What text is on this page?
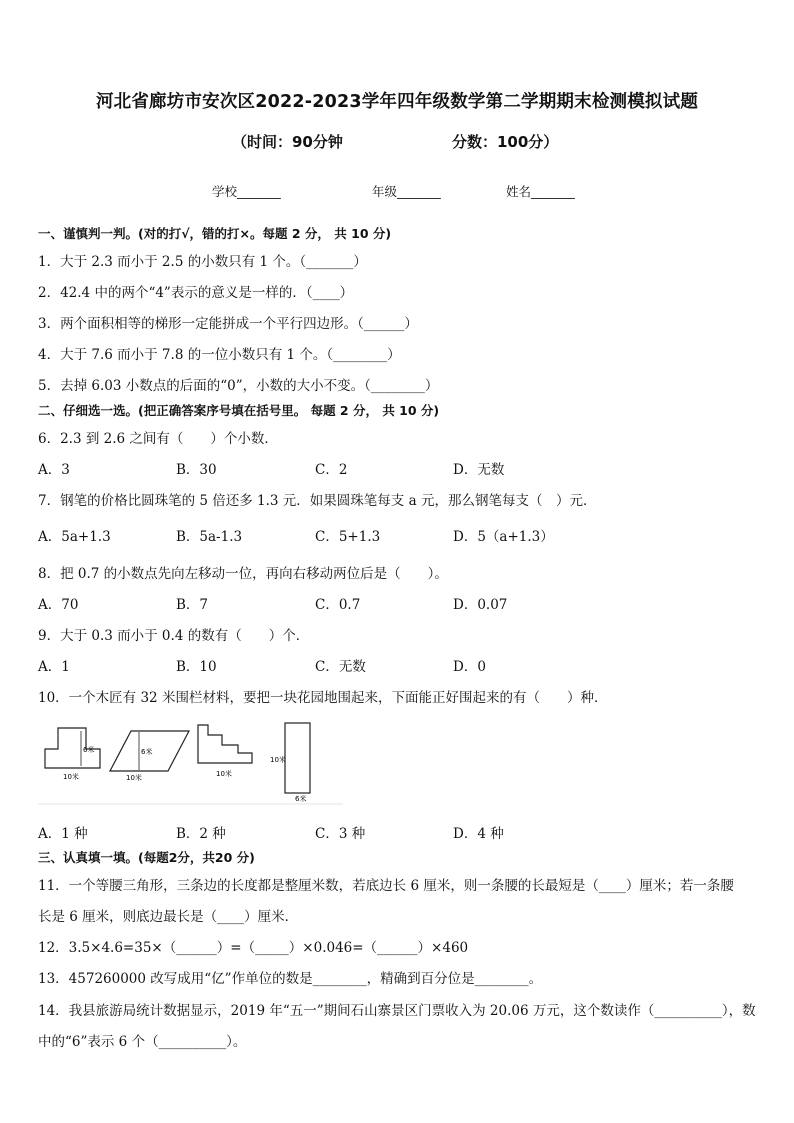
河北省廊坊市安次区2022-2023学年四年级数学第二学期期末检测模拟试题
（时间：90分钟	分数：100分）
学校_______	年级_______	姓名_______
一、谨慎判一判。(对的打√，错的打×。每题 2 分， 共 10 分)
1．大于 2.3 而小于 2.5 的小数只有 1 个。（_______）
2．42.4 中的两个“4”表示的意义是一样的．（____）
3．两个面积相等的梯形一定能拼成一个平行四边形。（______）
4．大于 7.6 而小于 7.8 的一位小数只有 1 个。（________）
5．去掉 6.03 小数点的后面的“0”，小数的大小不变。（________）
二、仔细选一选。(把正确答案序号填在括号里。 每题 2 分， 共 10 分)
6．2.3 到 2.6 之间有（　　）个小数．
A．3	B．30	C．2	D．无数
7．钢笔的价格比圆珠笔的 5 倍还多 1.3 元．如果圆珠笔每支 a 元，那么钢笔每支（　）元．
A．5a+1.3	B．5a-1.3	C．5+1.3	D．5（a+1.3）
8．把 0.7 的小数点先向左移动一位，再向右移动两位后是（　　）。
A．70	B．7	C．0.7	D．0.07
9．大于 0.3 而小于 0.4 的数有（　　）个．
A．1	B．10	C．无数	D．0
10．一个木匠有 32 米围栏材料，要把一块花园地围起来，下面能正好围起来的有（　　）种．
6米
10米
6米
10米	10米
10米
6米
A．1 种	B．2 种	C．3 种	D．4 种
三、认真填一填。(每题2分，共20 分)
11．一个等腰三角形，三条边的长度都是整厘米数，若底边长 6 厘米，则一条腰的长最短是（____）厘米；若一条腰
长是 6 厘米，则底边最长是（____）厘米．
12．3.5×4.6=35×（______）=（_____）×0.046=（______）×460
13．457260000 改写成用“亿”作单位的数是________，精确到百分位是________。
14．我县旅游局统计数据显示，2019 年“五一”期间石山寨景区门票收入为 20.06 万元，这个数读作（__________），数
中的“6”表示 6 个（__________）。
